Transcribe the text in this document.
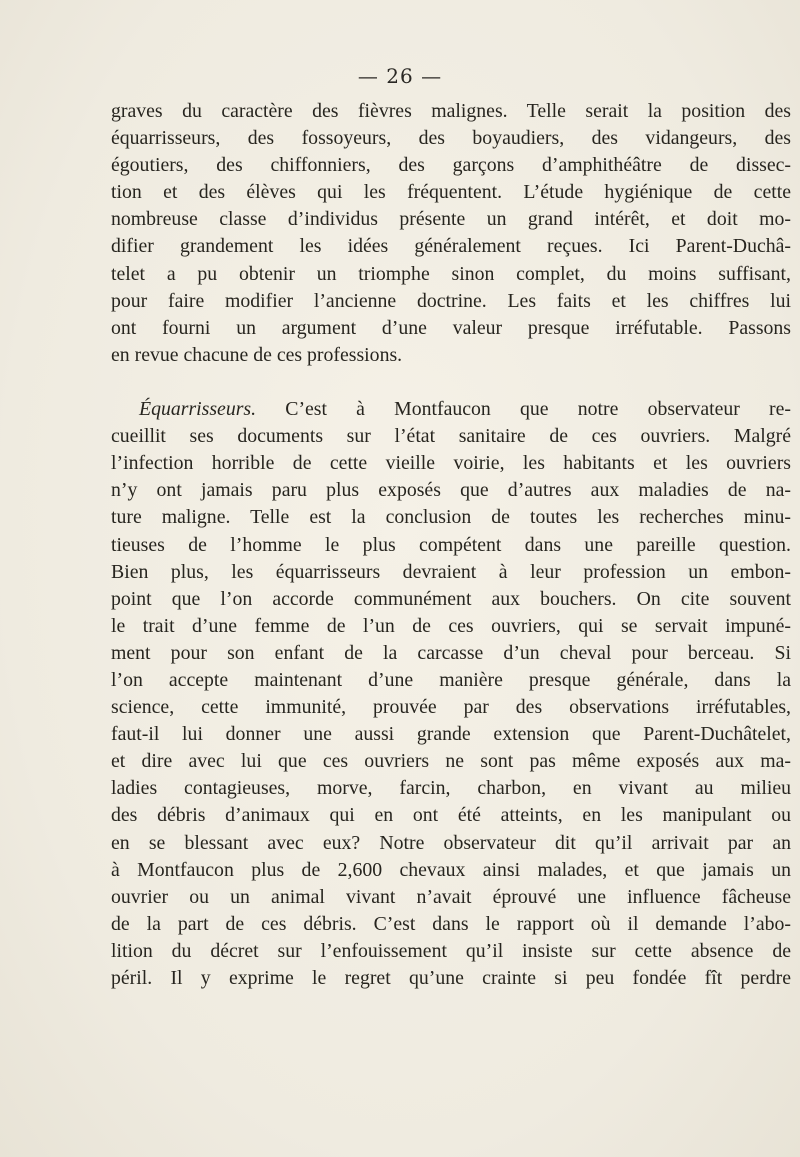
— 26 —
graves du caractère des fièvres malignes. Telle serait la position des
équarrisseurs, des fossoyeurs, des boyaudiers, des vidangeurs, des
égoutiers, des chiffonniers, des garçons d’amphithéâtre de dissec-
tion et des élèves qui les fréquentent. L’étude hygiénique de cette
nombreuse classe d’individus présente un grand intérêt, et doit mo-
difier grandement les idées généralement reçues. Ici Parent-Duchâ-
telet a pu obtenir un triomphe sinon complet, du moins suffisant,
pour faire modifier l’ancienne doctrine. Les faits et les chiffres lui
ont fourni un argument d’une valeur presque irréfutable. Passons
en revue chacune de ces professions.
Équarrisseurs. C’est à Montfaucon que notre observateur re-
cueillit ses documents sur l’état sanitaire de ces ouvriers. Malgré
l’infection horrible de cette vieille voirie, les habitants et les ouvriers
n’y ont jamais paru plus exposés que d’autres aux maladies de na-
ture maligne. Telle est la conclusion de toutes les recherches minu-
tieuses de l’homme le plus compétent dans une pareille question.
Bien plus, les équarrisseurs devraient à leur profession un embon-
point que l’on accorde communément aux bouchers. On cite souvent
le trait d’une femme de l’un de ces ouvriers, qui se servait impuné-
ment pour son enfant de la carcasse d’un cheval pour berceau. Si
l’on accepte maintenant d’une manière presque générale, dans la
science, cette immunité, prouvée par des observations irréfutables,
faut-il lui donner une aussi grande extension que Parent-Duchâtelet,
et dire avec lui que ces ouvriers ne sont pas même exposés aux ma-
ladies contagieuses, morve, farcin, charbon, en vivant au milieu
des débris d’animaux qui en ont été atteints, en les manipulant ou
en se blessant avec eux? Notre observateur dit qu’il arrivait par an
à Montfaucon plus de 2,600 chevaux ainsi malades, et que jamais un
ouvrier ou un animal vivant n’avait éprouvé une influence fâcheuse
de la part de ces débris. C’est dans le rapport où il demande l’abo-
lition du décret sur l’enfouissement qu’il insiste sur cette absence de
péril. Il y exprime le regret qu’une crainte si peu fondée fît perdre
